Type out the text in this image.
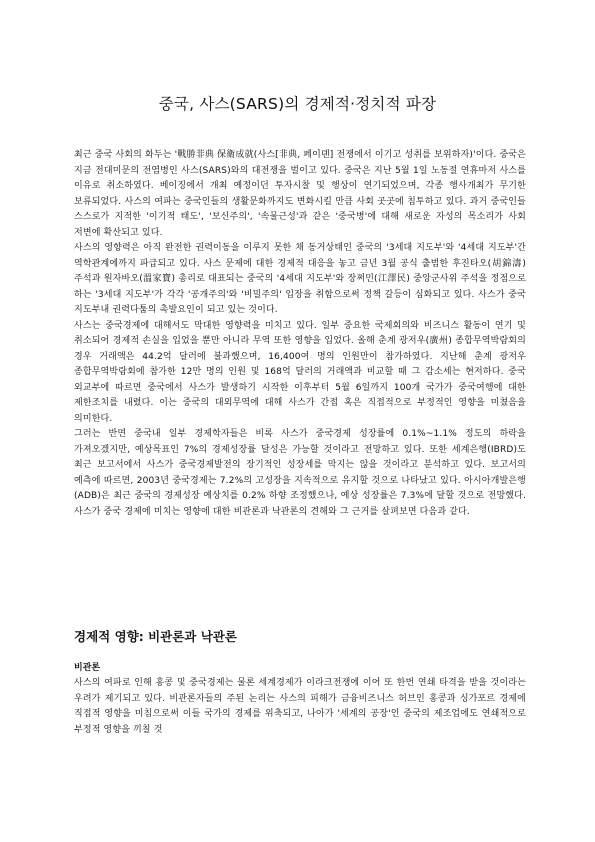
중국, 사스(SARS)의 경제적·정치적 파장

최근 중국 사회의 화두는 '戰勝非典 保衛成就(사스[非典, 페이뎬] 전쟁에서 이기고 성취를 보위하자)'이다. 중국은 지금 전대미문의 전염병인 사스(SARS)와의 대전쟁을 벌이고 있다. 중국은 지난 5월 1일 노동절 연휴마저 사스를 이유로 취소하였다. 베이징에서 개최 예정이던 투자시찰 및 행상이 연기되었으며, 각종 행사개최가 무기한 보류되었다. 사스의 여파는 중국인들의 생활문화까지도 변화시킬 만큼 사회 곳곳에 침투하고 있다. 과거 중국인들 스스로가 지적한 '이기적 태도', '보신주의', '속물근성'과 같은 '중국병'에 대해 새로운 자성의 목소리가 사회 저변에 확산되고 있다.

사스의 영향력은 아직 완전한 권력이동을 이루지 못한 채 동거상태인 중국의 '3세대 지도부'와 '4세대 지도부'간 역학관계에까지 파급되고 있다. 사스 문제에 대한 경제적 대응을 놓고 금년 3월 공식 출범한 후진타오(胡錦濤) 주석과 원자바오(溫家寶) 총리로 대표되는 중국의 '4세대 지도부'와 장쩌민(江澤民) 중앙군사위 주석을 정점으로 하는 '3세대 지도부'가 각각 '공개주의'와 '비밀주의' 입장을 취함으로써 정책 갈등이 심화되고 있다. 사스가 중국 지도부내 권력다툼의 촉발요인이 되고 있는 것이다.

사스는 중국경제에 대해서도 막대한 영향력을 미치고 있다. 일부 중요한 국제회의와 비즈니스 활동이 연기 및 취소되어 경제적 손실을 입었을 뿐만 아니라 무역 또한 영향을 입었다. 올해 춘계 광저우(廣州) 종합무역박람회의 경우 거래액은 44.2억 달러에 불과했으며, 16,400여 명의 인원만이 참가하였다. 지난해 춘계 광저우 종합무역박람회에 참가한 12만 명의 인원 및 168억 달러의 거래액과 비교할 때 그 감소세는 현저하다. 중국 외교부에 따르면 중국에서 사스가 발생하기 시작한 이후부터 5월 6일까지 100개 국가가 중국여행에 대한 제한조치를 내렸다. 이는 중국의 대외무역에 대해 사스가 간접 혹은 직접적으로 부정적인 영향을 미쳤음을 의미한다.

그러는 반면 중국내 일부 경제학자들은 비록 사스가 중국경제 성장률에 0.1%~1.1% 정도의 하락을 가져오겠지만, 예상목표인 7%의 경제성장률 달성은 가능할 것이라고 전망하고 있다. 또한 세계은행(IBRD)도 최근 보고서에서 사스가 중국경제발전의 장기적인 성장세를 막지는 않을 것이라고 분석하고 있다. 보고서의 예측에 따르면, 2003년 중국경제는 7.2%의 고성장을 지속적으로 유지할 것으로 나타났고 있다. 아시아개발은행(ADB)은 최근 중국의 경제성장 예상치를 0.2% 하향 조정했으나, 예상 성장률은 7.3%에 달할 것으로 전망했다. 사스가 중국 경제에 미치는 영향에 대한 비관론과 낙관론의 견해와 그 근거를 살펴보면 다음과 같다.

경제적 영향: 비관론과 낙관론

비관론

사스의 여파로 인해 홍콩 및 중국경제는 물론 세계경제가 이라크전쟁에 이어 또 한번 연쇄 타격을 받을 것이라는 우려가 제기되고 있다. 비관론자들의 주된 논리는 사스의 피해가 금융비즈니스 허브인 홍콩과 싱가포르 경제에 직접적 영향을 미침으로써 이들 국가의 경제를 위축되고, 나아가 '세계의 공장'인 중국의 제조업에도 연쇄적으로 부정적 영향을 끼칠 것
